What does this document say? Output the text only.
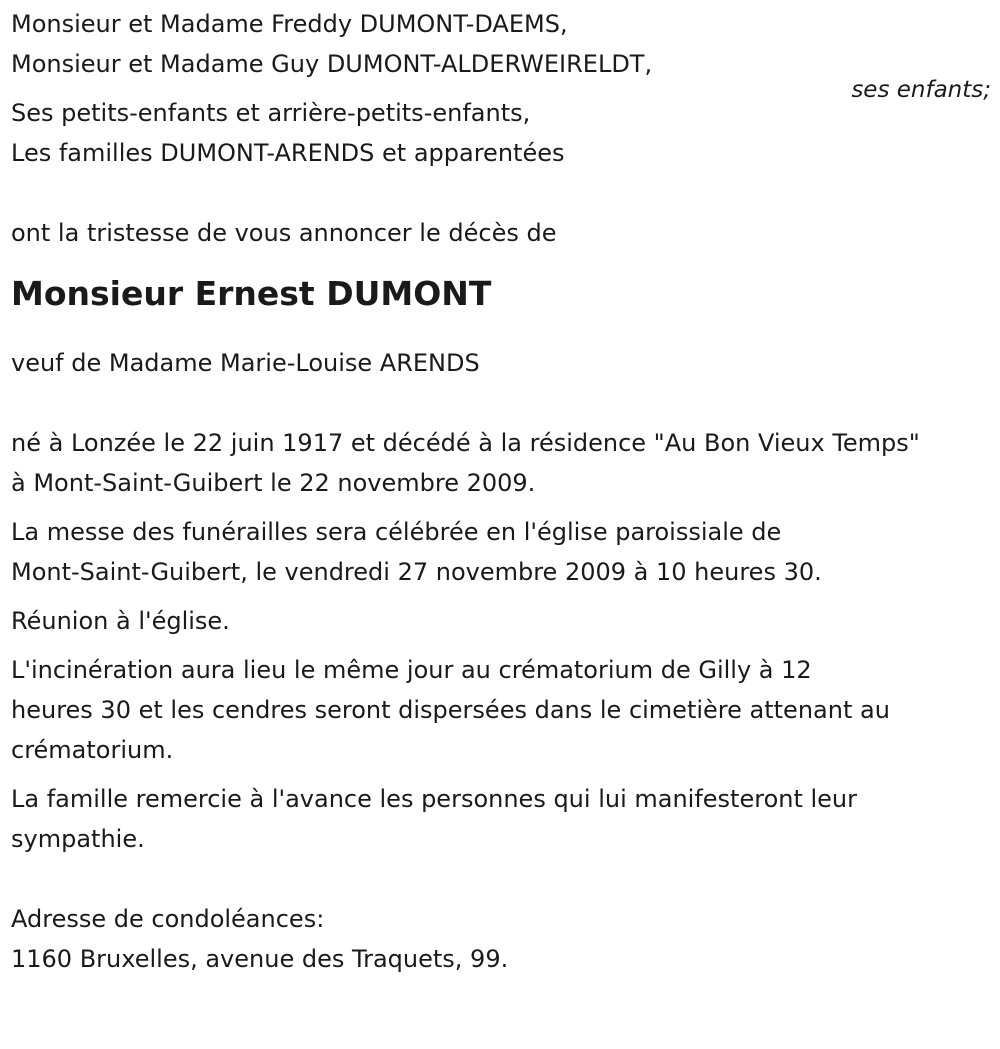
ses enfants;
Monsieur et Madame Freddy DUMONT-DAEMS,
Monsieur et Madame Guy DUMONT-ALDERWEIRELDT,
Ses petits-enfants et arrière-petits-enfants,
Les familles DUMONT-ARENDS et apparentées
ont la tristesse de vous annoncer le décès de
Monsieur Ernest DUMONT
veuf de Madame Marie-Louise ARENDS
né à Lonzée le 22 juin 1917 et décédé à la résidence "Au Bon Vieux Temps"
à Mont-Saint-Guibert le 22 novembre 2009.
La messe des funérailles sera célébrée en l'église paroissiale de
Mont-Saint-Guibert, le vendredi 27 novembre 2009 à 10 heures 30.
Réunion à l'église.
L'incinération aura lieu le même jour au crématorium de Gilly à 12
heures 30 et les cendres seront dispersées dans le cimetière attenant au
crématorium.
La famille remercie à l'avance les personnes qui lui manifesteront leur
sympathie.
Adresse de condoléances:
1160 Bruxelles, avenue des Traquets, 99.
